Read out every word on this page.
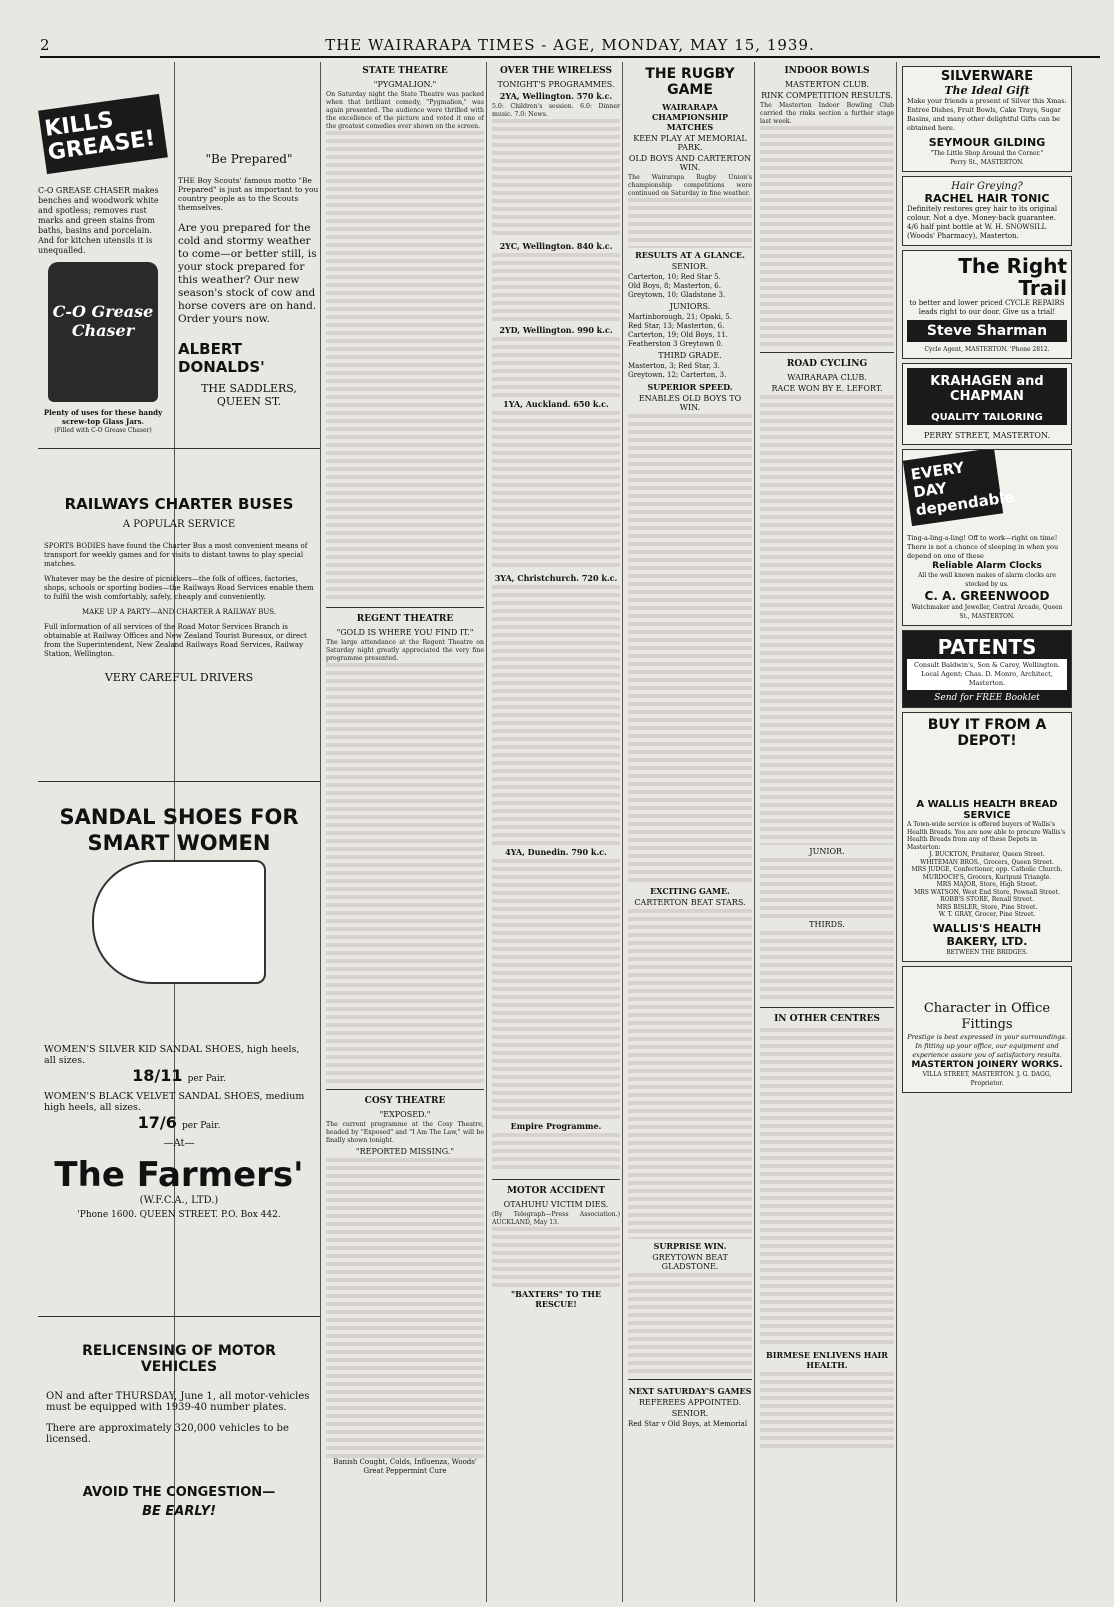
2	THE WAIRARAPA TIMES - AGE, MONDAY, MAY 15, 1939.
KILLS GREASE!
C-O GREASE CHASER makes benches and woodwork white and spotless; removes rust marks and green stains from baths, basins and porcelain. And for kitchen utensils it is unequalled.
C-O Grease Chaser
Plenty of uses for these handy screw-top Glass Jars.
(Filled with C-O Grease Chaser)
"Be Prepared"
THE Boy Scouts' famous motto "Be Prepared" is just as important to you country people as to the Scouts themselves.
Are you prepared for the cold and stormy weather to come—or better still, is your stock prepared for this weather? Our new season's stock of cow and horse covers are on hand. Order yours now.
ALBERT DONALDS'
THE SADDLERS,
QUEEN ST.
RAILWAYS CHARTER BUSES
A POPULAR SERVICE
SPORTS BODIES have found the Charter Bus a most convenient means of transport for weekly games and for visits to distant towns to play special matches.
Whatever may be the desire of picnickers—the folk of offices, factories, shops, schools or sporting bodies—the Railways Road Services enable them to fulfil the wish comfortably, safely, cheaply and conveniently.
MAKE UP A PARTY—AND CHARTER A RAILWAY BUS.
Full information of all services of the Road Motor Services Branch is obtainable at Railway Offices and New Zealand Tourist Bureaux, or direct from the Superintendent, New Zealand Railways Road Services, Railway Station, Wellington.
VERY CAREFUL DRIVERS
SANDAL SHOES FOR SMART WOMEN
WOMEN'S SILVER KID SANDAL SHOES, high heels, all sizes.
18/11 per Pair.
WOMEN'S BLACK VELVET SANDAL SHOES, medium high heels, all sizes.
17/6 per Pair.
—At—
The Farmers'
(W.F.C.A., LTD.)
'Phone 1600. QUEEN STREET. P.O. Box 442.
RELICENSING OF MOTOR VEHICLES
ON and after THURSDAY, June 1, all motor-vehicles must be equipped with 1939-40 number plates.
There are approximately 320,000 vehicles to be licensed.
AVOID THE CONGESTION—
BE EARLY!
STATE THEATRE
"PYGMALION."
On Saturday night the State Theatre was packed when that brilliant comedy, "Pygmalion," was again presented. The audience were thrilled with the excellence of the picture and voted it one of the greatest comedies ever shown on the screen.
REGENT THEATRE
"GOLD IS WHERE YOU FIND IT."
The large attendance at the Regent Theatre on Saturday night greatly appreciated the very fine programme presented.
COSY THEATRE
"EXPOSED."
The current programme at the Cosy Theatre, headed by "Exposed" and "I Am The Law," will be finally shown tonight.
"REPORTED MISSING."
Banish Cought, Colds, Influenza, Woods' Great Peppermint Cure
OVER THE WIRELESS
TONIGHT'S PROGRAMMES.
2YA, Wellington. 570 k.c.
5.0: Children's session. 6.0: Dinner music. 7.0: News.
2YC, Wellington. 840 k.c.
2YD, Wellington. 990 k.c.
1YA, Auckland. 650 k.c.
3YA, Christchurch. 720 k.c.
4YA, Dunedin. 790 k.c.
Empire Programme.
MOTOR ACCIDENT
OTAHUHU VICTIM DIES.
(By Telegraph—Press Association.) AUCKLAND, May 13.
"BAXTERS" TO THE RESCUE!
THE RUGBY GAME
WAIRARAPA CHAMPIONSHIP MATCHES
KEEN PLAY AT MEMORIAL PARK.
OLD BOYS AND CARTERTON WIN.
The Wairarapa Rugby Union's championship competitions were continued on Saturday in fine weather.
RESULTS AT A GLANCE.
SENIOR.
Carterton, 10; Red Star 5.
Old Boys, 8; Masterton, 6.
Greytown, 10; Gladstone 3.
JUNIORS.
Martinborough, 21; Opaki, 5.
Red Star, 13; Masterton, 6.
Carterton, 19; Old Boys, 11.
Featherston 3 Greytown 0.
THIRD GRADE.
Masterton, 3; Red Star, 3.
Greytown, 12; Carterton, 3.
SUPERIOR SPEED.
ENABLES OLD BOYS TO WIN.
EXCITING GAME.
CARTERTON BEAT STARS.
SURPRISE WIN.
GREYTOWN BEAT GLADSTONE.
NEXT SATURDAY'S GAMES
REFEREES APPOINTED.
SENIOR.
Red Star v Old Boys, at Memorial
INDOOR BOWLS
MASTERTON CLUB.
RINK COMPETITION RESULTS.
The Masterton Indoor Bowling Club carried the rinks section a further stage last week.
ROAD CYCLING
WAIRARAPA CLUB.
RACE WON BY E. LEFORT.
JUNIOR.
THIRDS.
IN OTHER CENTRES
BIRMESE ENLIVENS HAIR HEALTH.
SILVERWARE
The Ideal Gift
Make your friends a present of Silver this Xmas. Entree Dishes, Fruit Bowls, Cake Trays, Sugar Basins, and many other delightful Gifts can be obtained here.
SEYMOUR GILDING
"The Little Shop Around the Corner."
Perry St., MASTERTON.
Hair Greying?
RACHEL HAIR TONIC
Definitely restores grey hair to its original colour. Not a dye. Money-back guarantee. 4/6 half pint bottle at W. H. SNOWSILL (Woods' Pharmacy), Masterton.
The Right Trail
to better and lower priced CYCLE REPAIRS leads right to our door. Give us a trial!
Steve Sharman
Cycle Agent, MASTERTON. 'Phone 2812.
KRAHAGEN and CHAPMAN
QUALITY TAILORING
PERRY STREET, MASTERTON.
EVERY DAY dependable
Ting-a-ling-a-ling! Off to work—right on time! There is not a chance of sleeping in when you depend on one of these
Reliable Alarm Clocks
All the well known makes of alarm clocks are stocked by us.
C. A. GREENWOOD
Watchmaker and Jeweller, Central Arcade, Queen St., MASTERTON.
PATENTS
Consult Baldwin's, Son & Carey, Wellington. Local Agent: Chas. D. Monro, Architect, Masterton.
Send for FREE Booklet
BUY IT FROM A DEPOT!
A WALLIS HEALTH BREAD SERVICE
A Town-wide service is offered buyers of Wallis's Health Breads. You are now able to procure Wallis's Health Breads from any of these Depots in Masterton:
J. BUCKTON, Fruiterer, Queen Street.
WHITEMAN BROS., Grocers, Queen Street.
MRS JUDGE, Confectioner, opp. Catholic Church.
MURDOCH'S, Grocers, Kuripuni Triangle.
MRS MAJOR, Store, High Street.
MRS WATSON, West End Store, Pownall Street.
ROBB'S STORE, Renall Street.
MRS BISLER, Store, Pine Street.
W. T. GRAY, Grocer, Pine Street.
WALLIS'S HEALTH BAKERY, LTD.
BETWEEN THE BRIDGES.
Character in Office Fittings
Prestige is best expressed in your surroundings. In fitting up your office, our equipment and experience assure you of satisfactory results.
MASTERTON JOINERY WORKS.
VILLA STREET, MASTERTON. J. G. DAGG, Proprietor.
